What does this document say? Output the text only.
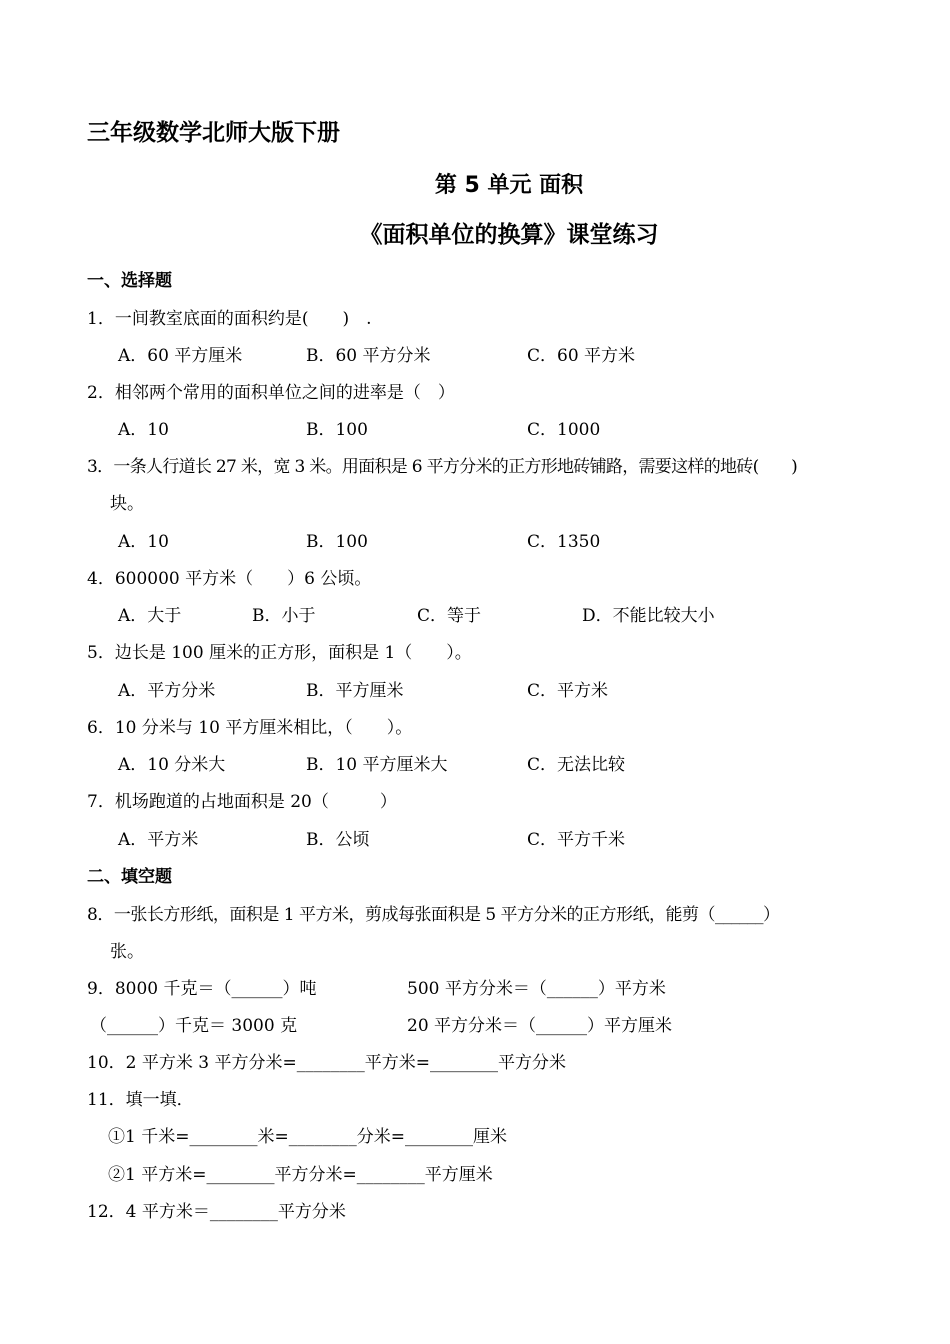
三年级数学北师大版下册
第 5 单元 面积
《面积单位的换算》课堂练习
一、选择题
1．一间教室底面的面积约是(　　)　.
A．60 平方厘米	B．60 平方分米	C．60 平方米
2．相邻两个常用的面积单位之间的进率是（　）
A．10	B．100	C．1000
3．一条人行道长 27 米，宽 3 米。用面积是 6 平方分米的正方形地砖铺路，需要这样的地砖(　　)
块。
A．10	B．100	C．1350
4．600000 平方米（　　）6 公顷。
A．大于	B．小于	C．等于	D．不能比较大小
5．边长是 100 厘米的正方形，面积是 1（　　）。
A．平方分米	B．平方厘米	C．平方米
6．10 分米与 10 平方厘米相比，（　　）。
A．10 分米大	B．10 平方厘米大	C．无法比较
7．机场跑道的占地面积是 20（　　　）
A．平方米	B．公顷	C．平方千米
二、填空题
8．一张长方形纸，面积是 1 平方米，剪成每张面积是 5 平方分米的正方形纸，能剪（______）
张。
9．8000 千克＝（______）吨	500 平方分米＝（______）平方米
（______）千克＝ 3000 克	20 平方分米＝（______）平方厘米
10．2 平方米 3 平方分米=________平方米=________平方分米
11．填一填．
①1 千米=________米=________分米=________厘米
②1 平方米=________平方分米=________平方厘米
12．4 平方米＝________平方分米
